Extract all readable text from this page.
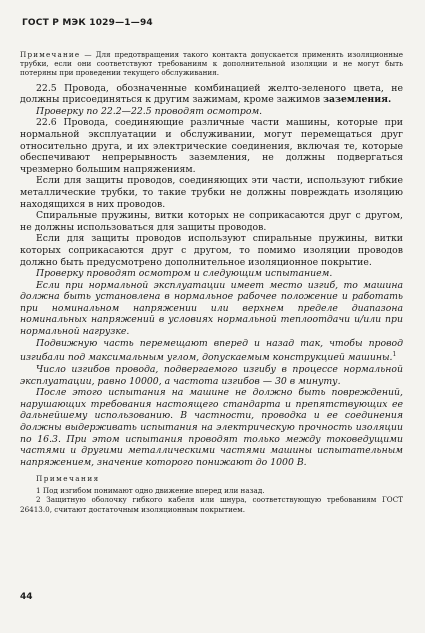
ГОСТ Р МЭК 1029—1—94

Примечание — Для предотвращения такого контакта допускается применять изоляционные трубки, если они соответствуют требованиям к дополнительной изоляции и не могут быть потеряны при проведении текущего обслуживания.

22.5 Провода, обозначенные комбинацией желто-зеленого цвета, не должны присоединяться к другим зажимам, кроме зажимов заземления.

Проверку по 22.2—22.5 проводят осмотром.

22.6 Провода, соединяющие различные части машины, которые при нормальной эксплуатации и обслуживании, могут перемещаться друг относительно друга, и их электрические соединения, включая те, которые обеспечивают непрерывность заземления, не должны подвергаться чрезмерно большим напряжениям.

Если для защиты проводов, соединяющих эти части, используют гибкие металлические трубки, то такие трубки не должны повреждать изоляцию находящихся в них проводов.

Спиральные пружины, витки которых не соприкасаются друг с другом, не должны использоваться для защиты проводов.

Если для защиты проводов используют спиральные пружины, витки которых соприкасаются друг с другом, то помимо изоляции проводов должно быть предусмотрено дополнительное изоляционное покрытие.

Проверку проводят осмотром и следующим испытанием.

Если при нормальной эксплуатации имеет место изгиб, то машина должна быть установлена в нормальное рабочее положение и работать при номинальном напряжении или верхнем пределе диапазона номинальных напряжений в условиях нормальной теплоотдачи и/или при нормальной нагрузке.

Подвижную часть перемещают вперед и назад так, чтобы провод изгибали под максимальным углом, допускаемым конструкцией машины.$^1$

Число изгибов провода, подвергаемого изгибу в процессе нормальной эксплуатации, равно 10000, а частота изгибов — 30 в минуту.

После этого испытания на машине не должно быть повреждений, нарушающих требования настоящего стандарта и препятствующих ее дальнейшему использованию. В частности, проводка и ее соединения должны выдерживать испытания на электрическую прочность изоляции по 16.3. При этом испытания проводят только между токоведущими частями и другими металлическими частями машины испытательным напряжением, значение которого понижают до 1000 В.

Примечания
1 Под изгибом понимают одно движение вперед или назад.
2 Защитную оболочку гибкого кабеля или шнура, соответствующую требованиям ГОСТ 26413.0, считают достаточным изоляционным покрытием.
44
